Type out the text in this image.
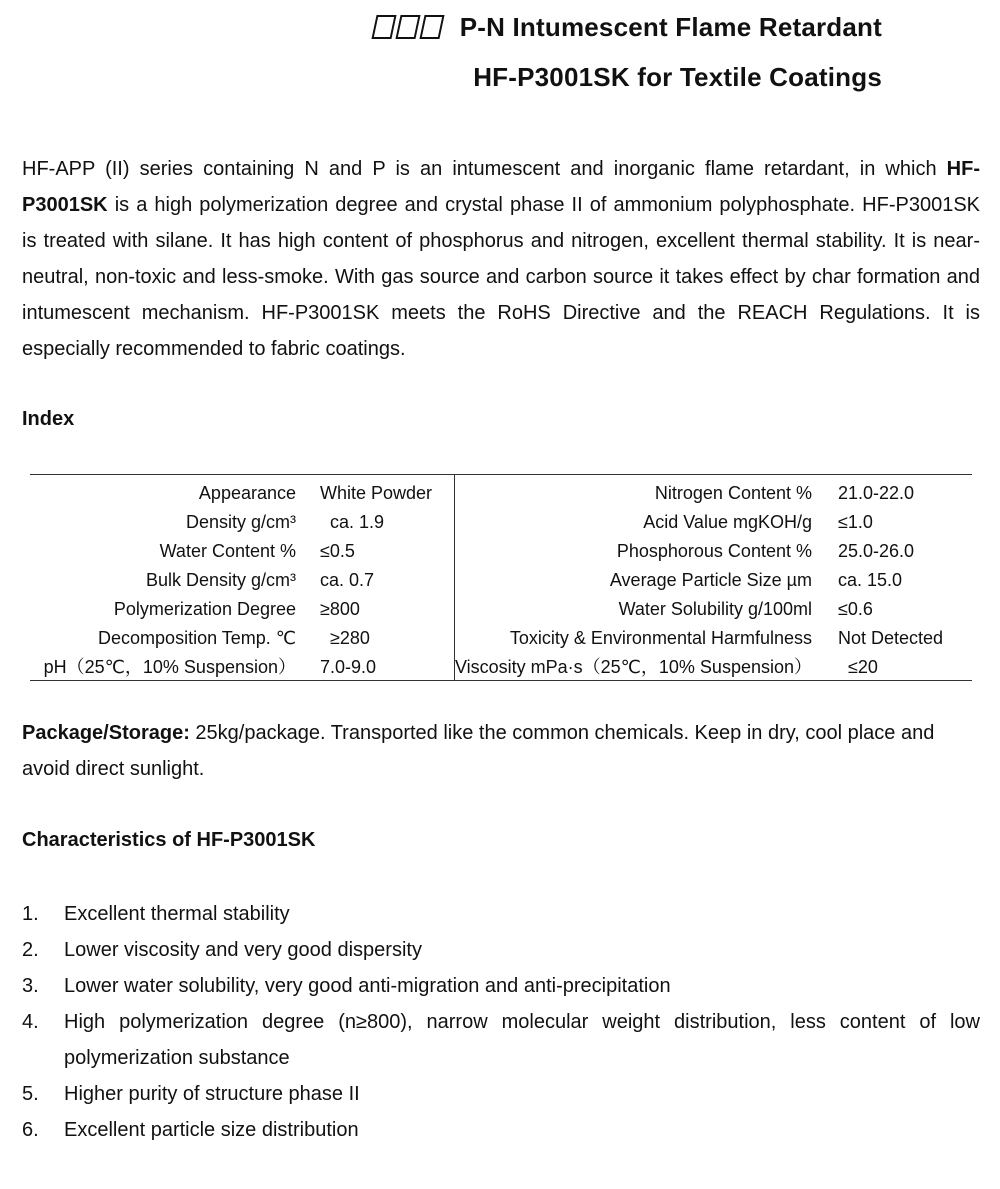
P-N Intumescent Flame Retardant
HF-P3001SK for Textile Coatings

HF-APP (II) series containing N and P is an intumescent and inorganic flame retardant, in which HF-P3001SK is a high polymerization degree and crystal phase II of ammonium polyphosphate. HF-P3001SK is treated with silane. It has high content of phosphorus and nitrogen, excellent thermal stability. It is near-neutral, non-toxic and less-smoke. With gas source and carbon source it takes effect by char formation and intumescent mechanism. HF-P3001SK meets the RoHS Directive and the REACH Regulations. It is especially recommended to fabric coatings.

Index
Appearance White Powder
Density g/cm³ ca. 1.9
Water Content % ≤0.5
Bulk Density g/cm³ ca. 0.7
Polymerization Degree ≥800
Decomposition Temp. ℃ ≥280
pH（25℃，10% Suspension） 7.0-9.0
Nitrogen Content % 21.0-22.0
Acid Value mgKOH/g ≤1.0
Phosphorous Content % 25.0-26.0
Average Particle Size µm ca. 15.0
Water Solubility g/100ml ≤0.6
Toxicity & Environmental Harmfulness Not Detected
Viscosity mPa·s（25℃，10% Suspension） ≤20

Package/Storage: 25kg/package. Transported like the common chemicals. Keep in dry, cool place and avoid direct sunlight.

Characteristics of HF-P3001SK
1. Excellent thermal stability
2. Lower viscosity and very good dispersity
3. Lower water solubility, very good anti-migration and anti-precipitation
4. High polymerization degree (n≥800), narrow molecular weight distribution, less content of low polymerization substance
5. Higher purity of structure phase II
6. Excellent particle size distribution
